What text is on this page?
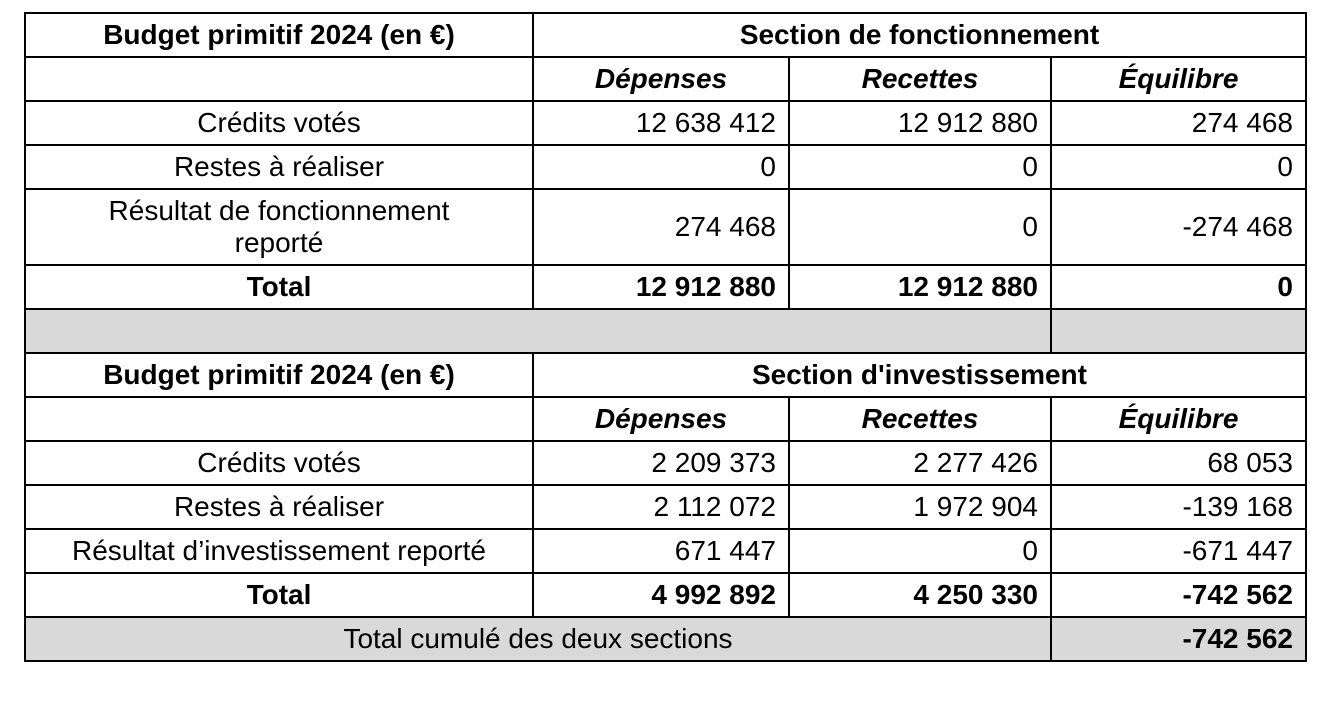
Budget primitif 2024 (en €)	Section de fonctionnement		
	Dépenses	Recettes	Équilibre
Crédits votés	12 638 412	12 912 880	274 468
Restes à réaliser	0	0	0
Résultat de fonctionnement reporté	274 468	0	-274 468
Total	12 912 880	12 912 880	0

Budget primitif 2024 (en €)	Section d'investissement		
	Dépenses	Recettes	Équilibre
Crédits votés	2 209 373	2 277 426	68 053
Restes à réaliser	2 112 072	1 972 904	-139 168
Résultat d’investissement reporté	671 447	0	-671 447
Total	4 992 892	4 250 330	-742 562
Total cumulé des deux sections			-742 562
